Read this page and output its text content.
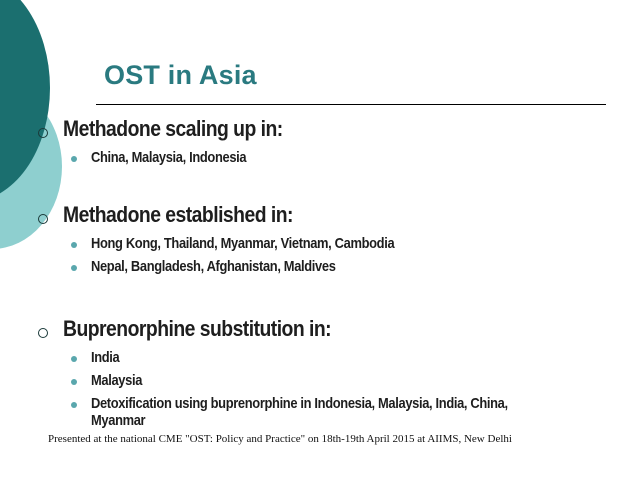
OST in Asia
Methadone scaling up in:
China, Malaysia, Indonesia
Methadone established in:
Hong Kong, Thailand, Myanmar, Vietnam, Cambodia
Nepal, Bangladesh, Afghanistan, Maldives
Buprenorphine substitution in:
India
Malaysia
Detoxification using buprenorphine in Indonesia, Malaysia, India, China, Myanmar
Presented at the national CME "OST: Policy and Practice" on 18th-19th April 2015 at AIIMS, New Delhi
